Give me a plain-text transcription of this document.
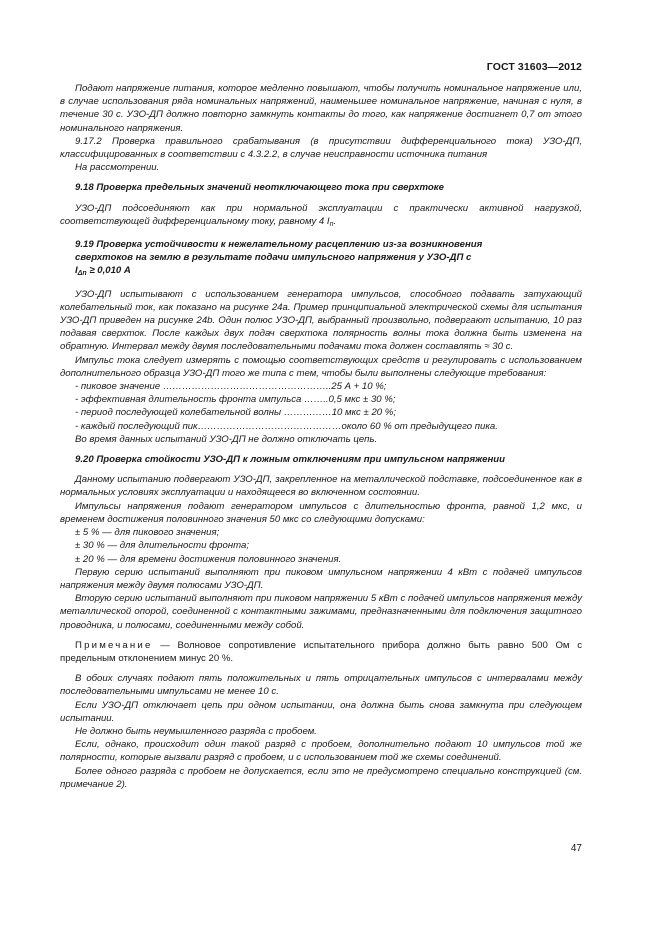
ГОСТ 31603—2012

Подают напряжение питания, которое медленно повышают, чтобы получить номинальное напряжение или, в случае использования ряда номинальных напряжений, наименьшее номинальное напряжение, начиная с нуля, в течение 30 с. УЗО-ДП должно повторно замкнуть контакты до того, как напряжение достигнет 0,7 от этого номинального напряжения.

9.17.2 Проверка правильного срабатывания (в присутствии дифференциального тока) УЗО-ДП, классифицированных в соответствии с 4.3.2.2, в случае неисправности источника питания

На рассмотрении.

9.18 Проверка предельных значений неотключающего тока при сверхтоке

УЗО-ДП подсоединяют как при нормальной эксплуатации с практически активной нагрузкой, соответствующей дифференциальному току, равному 4 $I_n$.

9.19 Проверка устойчивости к нежелательному расцеплению из-за возникновения
сверхтоков на землю в результате подачи импульсного напряжения у УЗО-ДП с
$I_{\Delta n} \ge 0,010$ А

УЗО-ДП испытывают с использованием генератора импульсов, способного подавать затухающий колебательный ток, как показано на рисунке 24а. Пример принципиальной электрической схемы для испытания УЗО-ДП приведен на рисунке 24b. Один полюс УЗО-ДП, выбранный произвольно, подвергают испытанию, 10 раз подавая сверхток. После каждых двух подач сверхтока полярность волны тока должна быть изменена на обратную. Интервал между двумя последовательными подачами тока должен составлять ≈ 30 с.

Импульс тока следует измерять с помощью соответствующих средств и регулировать с использованием дополнительного образца УЗО-ДП того же типа с тем, чтобы были выполнены следующие требования:

- пиковое значение ……………………………………………..25 А + 10 %;

- эффективная длительность фронта импульса ……..0,5 мкс ± 30 %;

- период последующей колебательной волны ……………10 мкс ± 20 %;

- каждый последующий пик………………………………………около 60 % от предыдущего пика.

Во время данных испытаний УЗО-ДП не должно отключать цепь.

9.20 Проверка стойкости УЗО-ДП к ложным отключениям при импульсном напряжении

Данному испытанию подвергают УЗО-ДП, закрепленное на металлической подставке, подсоединенное как в нормальных условиях эксплуатации и находящееся во включенном состоянии.

Импульсы напряжения подают генератором импульсов с длительностью фронта, равной 1,2 мкс, и временем достижения половинного значения 50 мкс со следующими допусками:

± 5 % — для пикового значения;

± 30 % — для длительности фронта;

± 20 % — для времени достижения половинного значения.

Первую серию испытаний выполняют при пиковом импульсном напряжении 4 кВт с подачей импульсов напряжения между двумя полюсами УЗО-ДП.

Вторую серию испытаний выполняют при пиковом напряжении 5 кВт с подачей импульсов напряжения между металлической опорой, соединенной с контактными зажимами, предназначенными для подключения защитного проводника, и полюсами, соединенными между собой.

Примечание — Волновое сопротивление испытательного прибора должно быть равно 500 Ом с предельным отклонением минус 20 %.

В обоих случаях подают пять положительных и пять отрицательных импульсов с интервалами между последовательными импульсами не менее 10 с.

Если УЗО-ДП отключает цепь при одном испытании, она должна быть снова замкнута при следующем испытании.

Не должно быть неумышленного разряда с пробоем.

Если, однако, происходит один такой разряд с пробоем, дополнительно подают 10 импульсов той же полярности, которые вызвали разряд с пробоем, и с использованием той же схемы соединений.

Более одного разряда с пробоем не допускается, если это не предусмотрено специально конструкцией (см. примечание 2).

47
